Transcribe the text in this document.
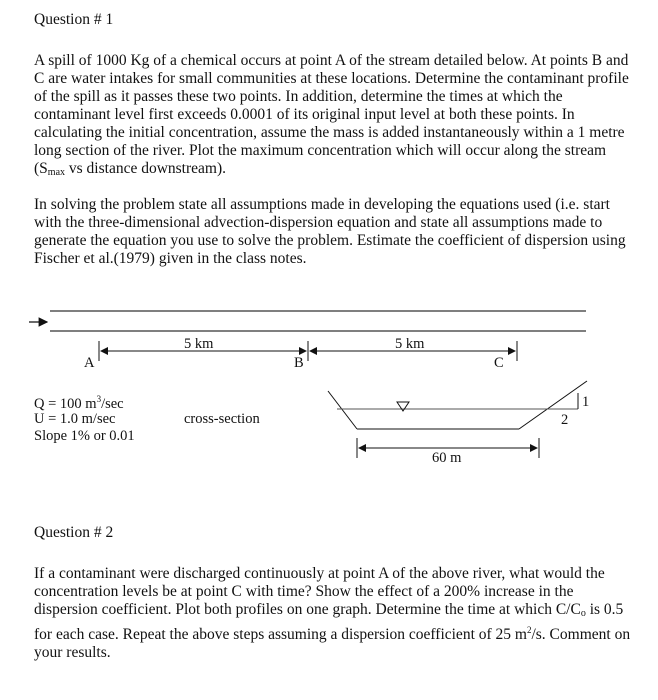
Question # 1

A spill of 1000 Kg of a chemical occurs at point A of the stream detailed below. At points B and C are water intakes for small communities at these locations. Determine the contaminant profile of the spill as it passes these two points. In addition, determine the times at which the contaminant level first exceeds 0.0001 of its original input level at both these points. In calculating the initial concentration, assume the mass is added instantaneously within a 1 metre long section of the river. Plot the maximum concentration which will occur along the stream ($S_{max}$ vs distance downstream).

In solving the problem state all assumptions made in developing the equations used (i.e. start with the three-dimensional advection-dispersion equation and state all assumptions made to generate the equation you use to solve the problem. Estimate the coefficient of dispersion using Fischer et al.(1979) given in the class notes.

5 km	5 km
A	B	C
Q = 100 $m^3/\sec$
U = 1.0 m/sec
Slope 1% or 0.01
cross-section
1
2
60 m
Question # 2

If a contaminant were discharged continuously at point A of the above river, what would the concentration levels be at point C with time? Show the effect of a 200% increase in the dispersion coefficient. Plot both profiles on one graph. Determine the time at which $C/C_o$ is 0.5 for each case. Repeat the above steps assuming a dispersion coefficient of 25 $m^2/s$. Comment on your results.
